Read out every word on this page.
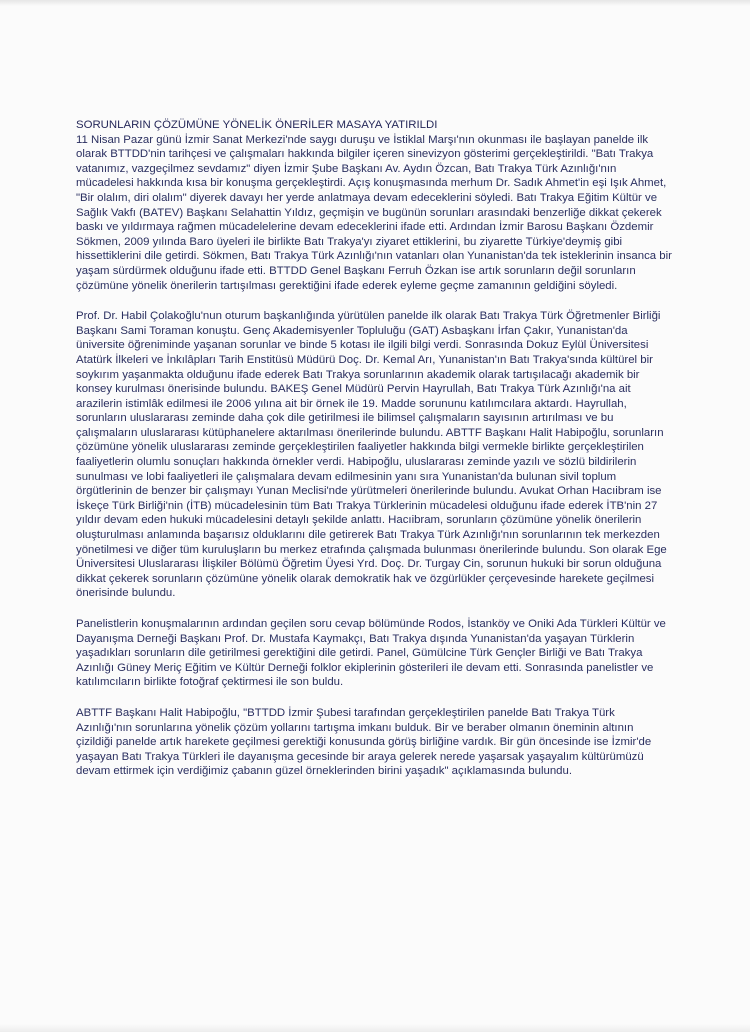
SORUNLARIN ÇÖZÜMÜNE YÖNELİK ÖNERİLER MASAYA YATIRILDI

11 Nisan Pazar günü İzmir Sanat Merkezi'nde saygı duruşu ve İstiklal Marşı'nın okunması ile başlayan panelde ilk olarak BTTDD'nin tarihçesi ve çalışmaları hakkında bilgiler içeren sinevizyon gösterimi gerçekleştirildi. "Batı Trakya vatanımız, vazgeçilmez sevdamız" diyen İzmir Şube Başkanı Av. Aydın Özcan, Batı Trakya Türk Azınlığı'nın mücadelesi hakkında kısa bir konuşma gerçekleştirdi. Açış konuşmasında merhum Dr. Sadık Ahmet'in eşi Işık Ahmet, "Bir olalım, diri olalım" diyerek davayı her yerde anlatmaya devam edeceklerini söyledi. Batı Trakya Eğitim Kültür ve Sağlık Vakfı (BATEV) Başkanı Selahattin Yıldız, geçmişin ve bugünün sorunları arasındaki benzerliğe dikkat çekerek baskı ve yıldırmaya rağmen mücadelelerine devam edeceklerini ifade etti. Ardından İzmir Barosu Başkanı Özdemir Sökmen, 2009 yılında Baro üyeleri ile birlikte Batı Trakya'yı ziyaret ettiklerini, bu ziyarette Türkiye'deymiş gibi hissettiklerini dile getirdi. Sökmen, Batı Trakya Türk Azınlığı'nın vatanları olan Yunanistan'da tek isteklerinin insanca bir yaşam sürdürmek olduğunu ifade etti. BTTDD Genel Başkanı Ferruh Özkan ise artık sorunların değil sorunların çözümüne yönelik önerilerin tartışılması gerektiğini ifade ederek eyleme geçme zamanının geldiğini söyledi.

Prof. Dr. Habil Çolakoğlu'nun oturum başkanlığında yürütülen panelde ilk olarak Batı Trakya Türk Öğretmenler Birliği Başkanı Sami Toraman konuştu. Genç Akademisyenler Topluluğu (GAT) Asbaşkanı İrfan Çakır, Yunanistan'da üniversite öğreniminde yaşanan sorunlar ve binde 5 kotası ile ilgili bilgi verdi. Sonrasında Dokuz Eylül Üniversitesi Atatürk İlkeleri ve İnkılâpları Tarih Enstitüsü Müdürü Doç. Dr. Kemal Arı, Yunanistan'ın Batı Trakya'sında kültürel bir soykırım yaşanmakta olduğunu ifade ederek Batı Trakya sorunlarının akademik olarak tartışılacağı akademik bir konsey kurulması önerisinde bulundu. BAKEŞ Genel Müdürü Pervin Hayrullah, Batı Trakya Türk Azınlığı'na ait arazilerin istimlâk edilmesi ile 2006 yılına ait bir örnek ile 19. Madde sorununu katılımcılara aktardı. Hayrullah, sorunların uluslararası zeminde daha çok dile getirilmesi ile bilimsel çalışmaların sayısının artırılması ve bu çalışmaların uluslararası kütüphanelere aktarılması önerilerinde bulundu. ABTTF Başkanı Halit Habipoğlu, sorunların çözümüne yönelik uluslararası zeminde gerçekleştirilen faaliyetler hakkında bilgi vermekle birlikte gerçekleştirilen faaliyetlerin olumlu sonuçları hakkında örnekler verdi. Habipoğlu, uluslararası zeminde yazılı ve sözlü bildirilerin sunulması ve lobi faaliyetleri ile çalışmalara devam edilmesinin yanı sıra Yunanistan'da bulunan sivil toplum örgütlerinin de benzer bir çalışmayı Yunan Meclisi'nde yürütmeleri önerilerinde bulundu. Avukat Orhan Hacıibram ise İskeçe Türk Birliği'nin (İTB) mücadelesinin tüm Batı Trakya Türklerinin mücadelesi olduğunu ifade ederek İTB'nin 27 yıldır devam eden hukuki mücadelesini detaylı şekilde anlattı. Hacıibram, sorunların çözümüne yönelik önerilerin oluşturulması anlamında başarısız olduklarını dile getirerek Batı Trakya Türk Azınlığı'nın sorunlarının tek merkezden yönetilmesi ve diğer tüm kuruluşların bu merkez etrafında çalışmada bulunması önerilerinde bulundu. Son olarak Ege Üniversitesi Uluslararası İlişkiler Bölümü Öğretim Üyesi Yrd. Doç. Dr. Turgay Cin, sorunun hukuki bir sorun olduğuna dikkat çekerek sorunların çözümüne yönelik olarak demokratik hak ve özgürlükler çerçevesinde harekete geçilmesi önerisinde bulundu.

Panelistlerin konuşmalarının ardından geçilen soru cevap bölümünde Rodos, İstanköy ve Oniki Ada Türkleri Kültür ve Dayanışma Derneği Başkanı Prof. Dr. Mustafa Kaymakçı, Batı Trakya dışında Yunanistan'da yaşayan Türklerin yaşadıkları sorunların dile getirilmesi gerektiğini dile getirdi. Panel, Gümülcine Türk Gençler Birliği ve Batı Trakya Azınlığı Güney Meriç Eğitim ve Kültür Derneği folklor ekiplerinin gösterileri ile devam etti. Sonrasında panelistler ve katılımcıların birlikte fotoğraf çektirmesi ile son buldu.

ABTTF Başkanı Halit Habipoğlu, "BTTDD İzmir Şubesi tarafından gerçekleştirilen panelde Batı Trakya Türk Azınlığı'nın sorunlarına yönelik çözüm yollarını tartışma imkanı bulduk. Bir ve beraber olmanın öneminin altının çizildiği panelde artık harekete geçilmesi gerektiği konusunda görüş birliğine vardık. Bir gün öncesinde ise İzmir'de yaşayan Batı Trakya Türkleri ile dayanışma gecesinde bir araya gelerek nerede yaşarsak yaşayalım kültürümüzü devam ettirmek için verdiğimiz çabanın güzel örneklerinden birini yaşadık" açıklamasında bulundu.
